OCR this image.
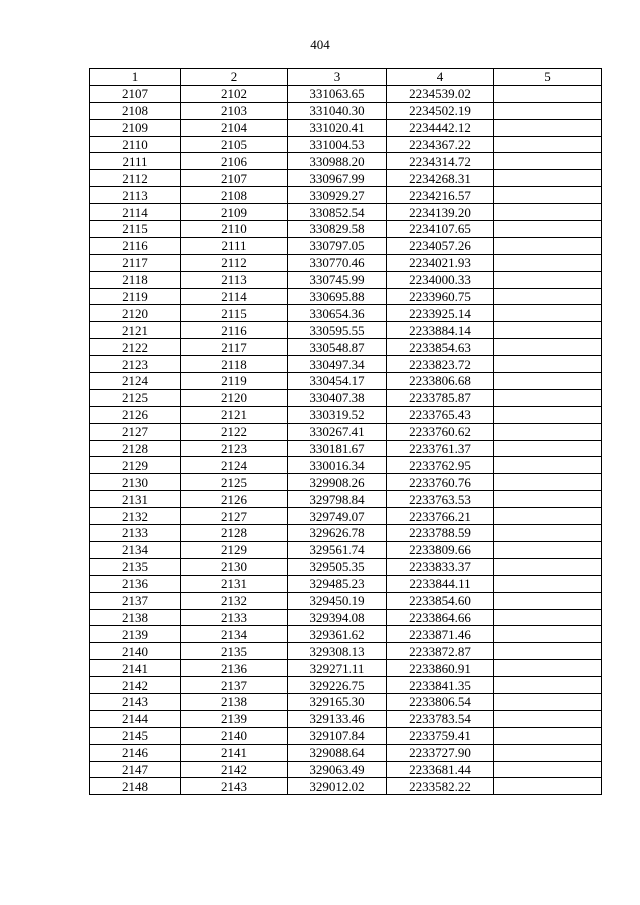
404
1	2	3	4	5
2107	2102	331063.65	2234539.02	
2108	2103	331040.30	2234502.19	
2109	2104	331020.41	2234442.12	
2110	2105	331004.53	2234367.22	
2111	2106	330988.20	2234314.72	
2112	2107	330967.99	2234268.31	
2113	2108	330929.27	2234216.57	
2114	2109	330852.54	2234139.20	
2115	2110	330829.58	2234107.65	
2116	2111	330797.05	2234057.26	
2117	2112	330770.46	2234021.93	
2118	2113	330745.99	2234000.33	
2119	2114	330695.88	2233960.75	
2120	2115	330654.36	2233925.14	
2121	2116	330595.55	2233884.14	
2122	2117	330548.87	2233854.63	
2123	2118	330497.34	2233823.72	
2124	2119	330454.17	2233806.68	
2125	2120	330407.38	2233785.87	
2126	2121	330319.52	2233765.43	
2127	2122	330267.41	2233760.62	
2128	2123	330181.67	2233761.37	
2129	2124	330016.34	2233762.95	
2130	2125	329908.26	2233760.76	
2131	2126	329798.84	2233763.53	
2132	2127	329749.07	2233766.21	
2133	2128	329626.78	2233788.59	
2134	2129	329561.74	2233809.66	
2135	2130	329505.35	2233833.37	
2136	2131	329485.23	2233844.11	
2137	2132	329450.19	2233854.60	
2138	2133	329394.08	2233864.66	
2139	2134	329361.62	2233871.46	
2140	2135	329308.13	2233872.87	
2141	2136	329271.11	2233860.91	
2142	2137	329226.75	2233841.35	
2143	2138	329165.30	2233806.54	
2144	2139	329133.46	2233783.54	
2145	2140	329107.84	2233759.41	
2146	2141	329088.64	2233727.90	
2147	2142	329063.49	2233681.44	
2148	2143	329012.02	2233582.22	
